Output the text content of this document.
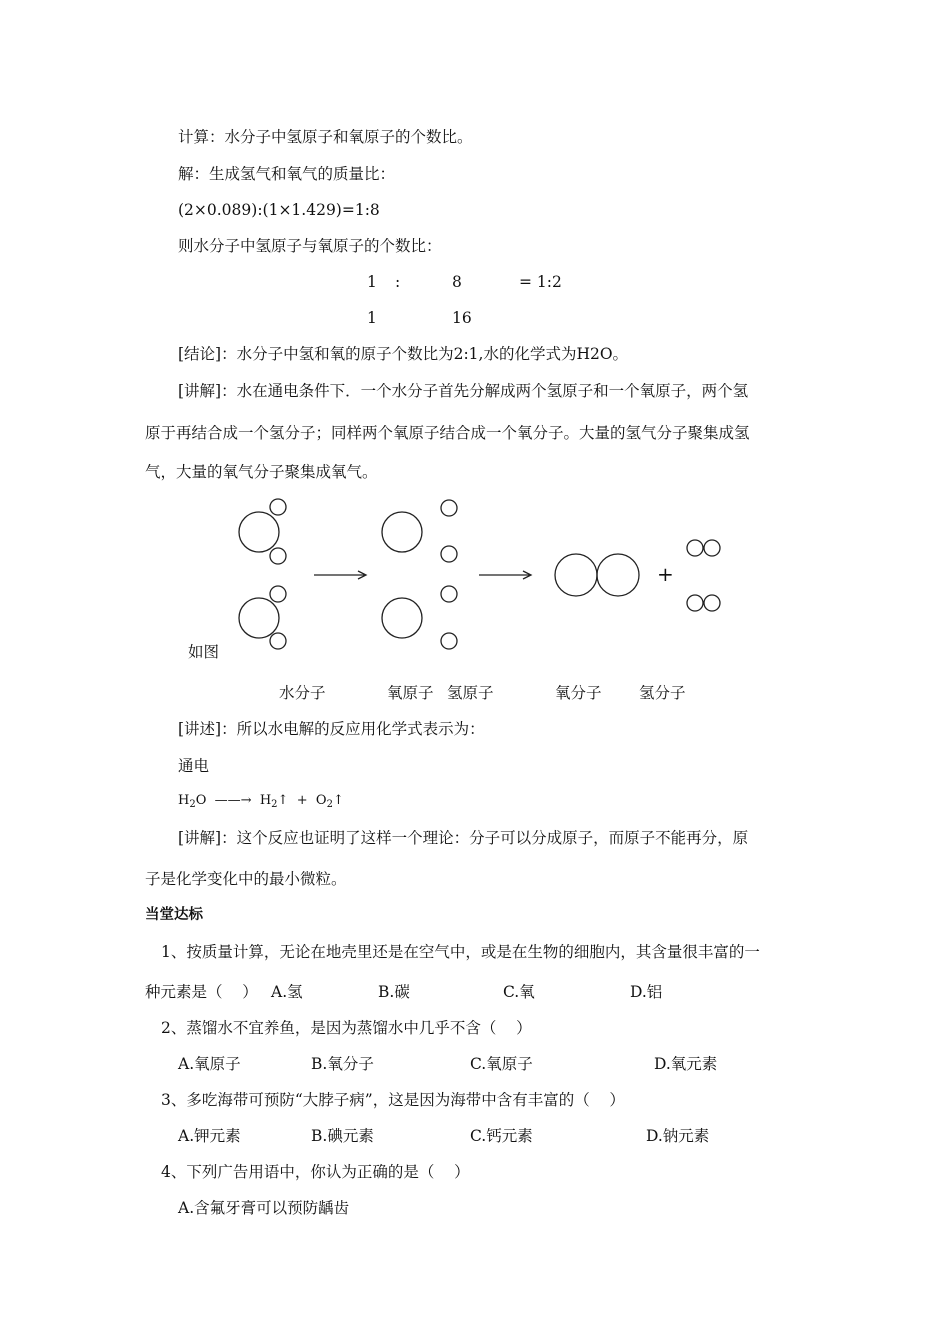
计算：水分子中氢原子和氧原子的个数比。
解：生成氢气和氧气的质量比：
(2×0.089):(1×1.429)=1:8
则水分子中氢原子与氧原子的个数比：
1 :	8	= 1:2
1	16
[结论]：水分子中氢和氧的原子个数比为2:1,水的化学式为H2O。
[讲解]：水在通电条件下．一个水分子首先分解成两个氢原子和一个氧原子，两个氢
原于再结合成一个氢分子；同样两个氧原子结合成一个氧分子。大量的氢气分子聚集成氢
气，大量的氧气分子聚集成氧气。
+
如图
水分子	氧原子 氢原子	氧分子 氢分子
[讲述]：所以水电解的反应用化学式表示为：
通电
$H_2O$ ——→ $H_2↑$ + $O_2↑$
[讲解]：这个反应也证明了这样一个理论：分子可以分成原子，而原子不能再分，原
子是化学变化中的最小微粒。
当堂达标
1、按质量计算，无论在地壳里还是在空气中，或是在生物的细胞内，其含量很丰富的一
种元素是（    ） A.氢	B.碳	C.氧	D.铝
2、蒸馏水不宜养鱼，是因为蒸馏水中几乎不含（    ）
A.氧原子	B.氧分子	C.氧原子	D.氧元素
3、多吃海带可预防“大脖子病”，这是因为海带中含有丰富的（    ）
A.钾元素	B.碘元素	C.钙元素	D.钠元素
4、下列广告用语中，你认为正确的是（    ）
A.含氟牙膏可以预防龋齿
